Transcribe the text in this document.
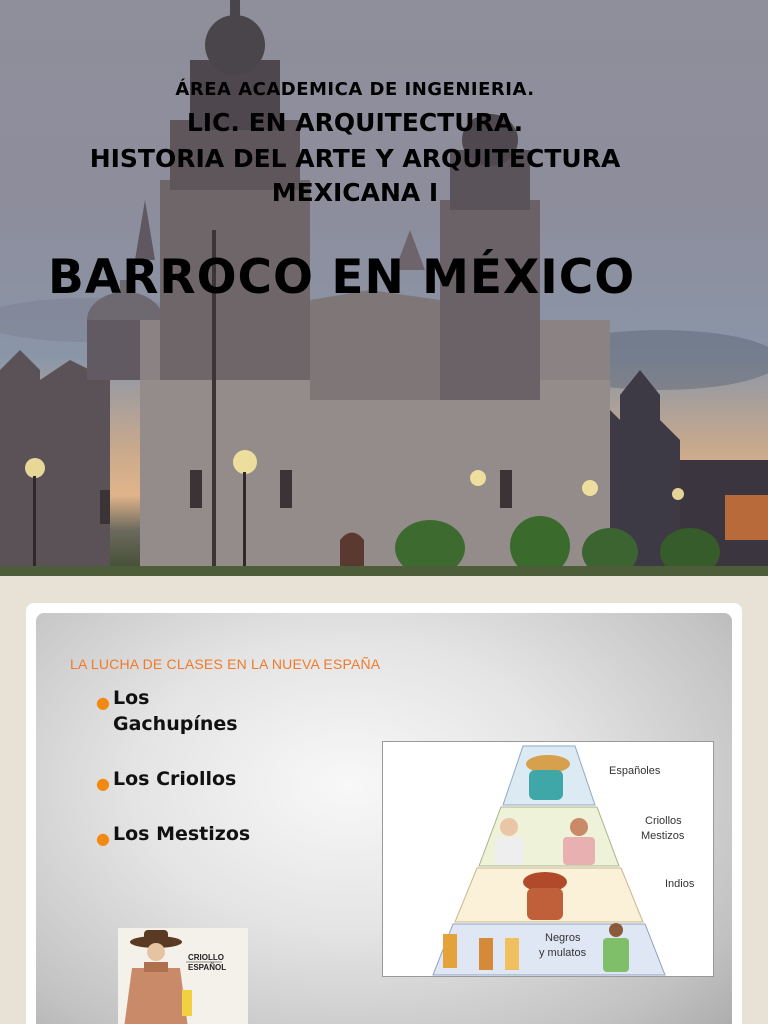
ÁREA ACADEMICA DE INGENIERIA.
LIC. EN ARQUITECTURA.
HISTORIA DEL ARTE Y ARQUITECTURA
MEXICANA I
BARROCO EN MÉXICO
LA LUCHA DE CLASES EN LA NUEVA ESPAÑA
● Los Gachupínes
● Los Criollos
● Los Mestizos
Españoles
Criollos
Mestizos
Indios
Negros
y mulatos
CRIOLLO
ESPAÑOL
